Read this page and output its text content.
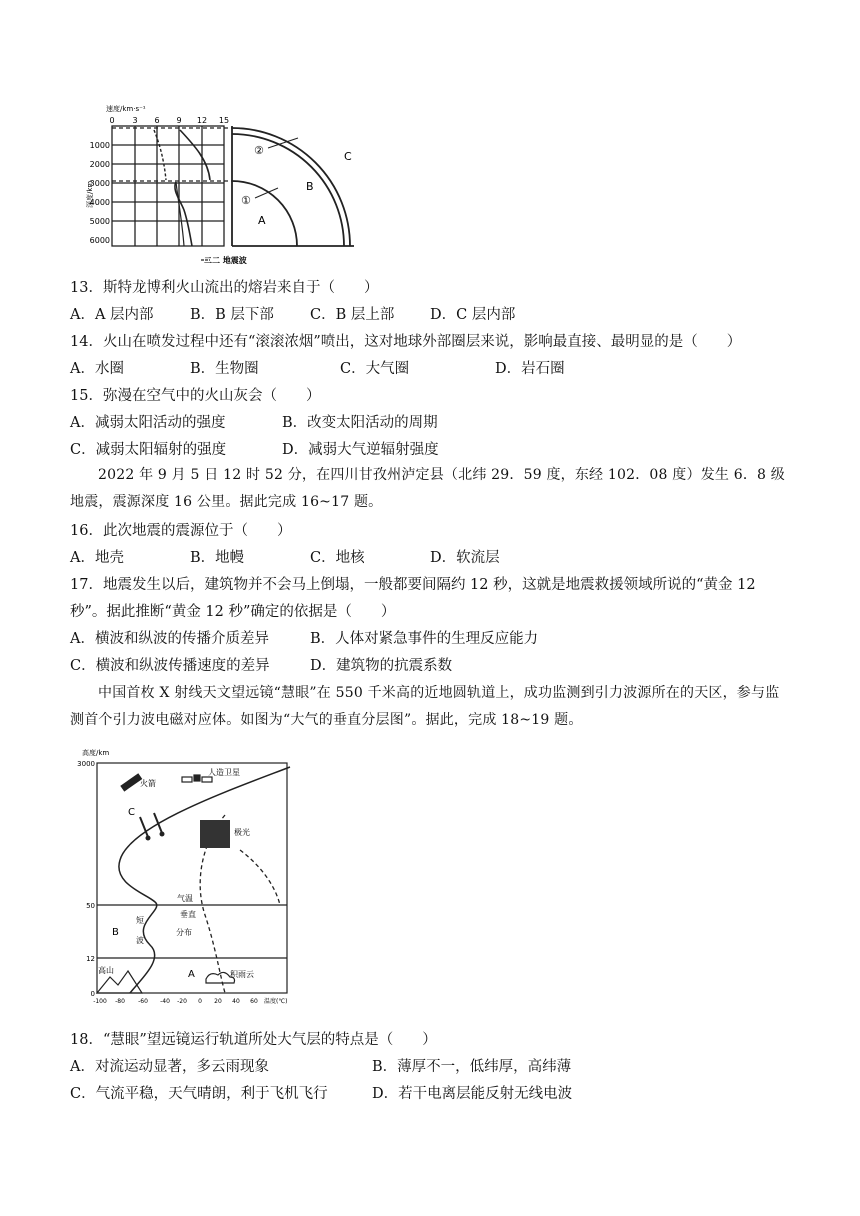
速度/km·s⁻¹
0 3 6 9 12 15
1000
2000
3000
4000
5000
6000
深度/km
②	C
B
①
A
二二 地震波
13．斯特龙博利火山流出的熔岩来自于（　　）
A．A 层内部	B．B 层下部 C．B 层上部 D．C 层内部
14．火山在喷发过程中还有“滚滚浓烟”喷出，这对地球外部圈层来说，影响最直接、最明显的是（　　）
A．水圈	B．生物圈	C．大气圈	D．岩石圈
15．弥漫在空气中的火山灰会（　　）
A．减弱太阳活动的强度	B．改变太阳活动的周期
C．减弱太阳辐射的强度	D．减弱大气逆辐射强度
2022 年 9 月 5 日 12 时 52 分，在四川甘孜州泸定县（北纬 29．59 度，东经 102．08 度）发生 6．8 级地震，震源深度 16 公里。据此完成 16~17 题。
16．此次地震的震源位于（　　）
A．地壳	B．地幔	C．地核	D．软流层
17．地震发生以后，建筑物并不会马上倒塌，一般都要间隔约 12 秒，这就是地震救援领域所说的“黄金 12
秒”。据此推断“黄金 12 秒”确定的依据是（　　）
A．横波和纵波的传播介质差异	B．人体对紧急事件的生理反应能力
C．横波和纵波传播速度的差异	D．建筑物的抗震系数
中国首枚 X 射线天文望远镜“慧眼”在 550 千米高的近地圆轨道上，成功监测到引力波源所在的天区，参与监测首个引力波电磁对应体。如图为“大气的垂直分层图”。据此，完成 18~19 题。
高度/km
3000
50
12
0
火箭
人造卫星
C
极光
气温
垂直
分布
短
波
B
A
高山	积雨云
-100 -80 -60 -40 -20 0 20 40 60 温度(℃)
18．“慧眼”望远镜运行轨道所处大气层的特点是（　　）
A．对流运动显著，多云雨现象	B．薄厚不一，低纬厚，高纬薄
C．气流平稳，天气晴朗，利于飞机飞行	D．若干电离层能反射无线电波
